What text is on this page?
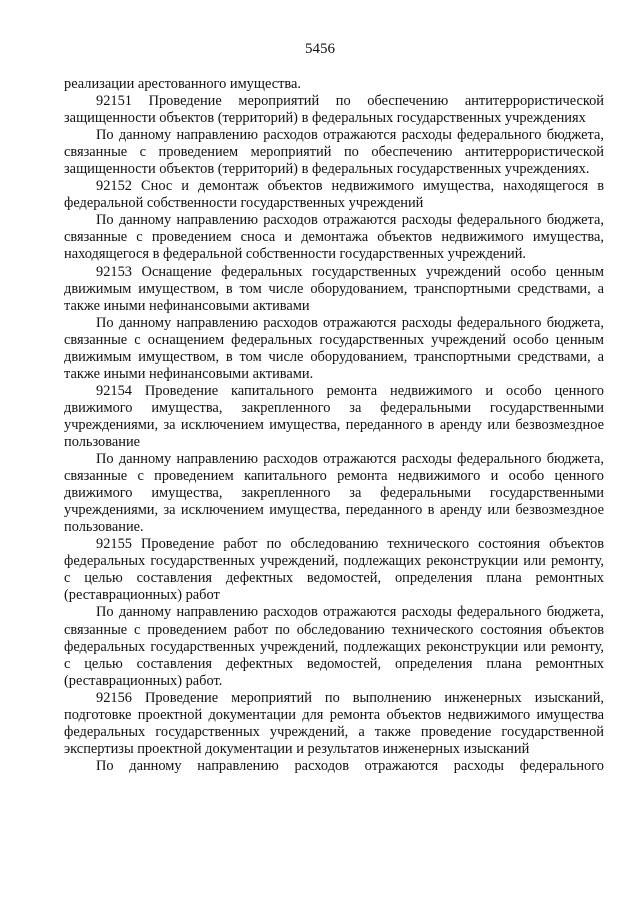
5456

реализации арестованного имущества.

92151 Проведение мероприятий по обеспечению антитеррористической защищенности объектов (территорий) в федеральных государственных учреждениях

По данному направлению расходов отражаются расходы федерального бюджета, связанные с проведением мероприятий по обеспечению антитеррористической защищенности объектов (территорий) в федеральных государственных учреждениях.

92152 Снос и демонтаж объектов недвижимого имущества, находящегося в федеральной собственности государственных учреждений

По данному направлению расходов отражаются расходы федерального бюджета, связанные с проведением сноса и демонтажа объектов недвижимого имущества, находящегося в федеральной собственности государственных учреждений.

92153 Оснащение федеральных государственных учреждений особо ценным движимым имуществом, в том числе оборудованием, транспортными средствами, а также иными нефинансовыми активами

По данному направлению расходов отражаются расходы федерального бюджета, связанные с оснащением федеральных государственных учреждений особо ценным движимым имуществом, в том числе оборудованием, транспортными средствами, а также иными нефинансовыми активами.

92154 Проведение капитального ремонта недвижимого и особо ценного движимого имущества, закрепленного за федеральными государственными учреждениями, за исключением имущества, переданного в аренду или безвозмездное пользование

По данному направлению расходов отражаются расходы федерального бюджета, связанные с проведением капитального ремонта недвижимого и особо ценного движимого имущества, закрепленного за федеральными государственными учреждениями, за исключением имущества, переданного в аренду или безвозмездное пользование.

92155 Проведение работ по обследованию технического состояния объектов федеральных государственных учреждений, подлежащих реконструкции или ремонту, с целью составления дефектных ведомостей, определения плана ремонтных (реставрационных) работ

По данному направлению расходов отражаются расходы федерального бюджета, связанные с проведением работ по обследованию технического состояния объектов федеральных государственных учреждений, подлежащих реконструкции или ремонту, с целью составления дефектных ведомостей, определения плана ремонтных (реставрационных) работ.

92156 Проведение мероприятий по выполнению инженерных изысканий, подготовке проектной документации для ремонта объектов недвижимого имущества федеральных государственных учреждений, а также проведение государственной экспертизы проектной документации и результатов инженерных изысканий

По данному направлению расходов отражаются расходы федерального
